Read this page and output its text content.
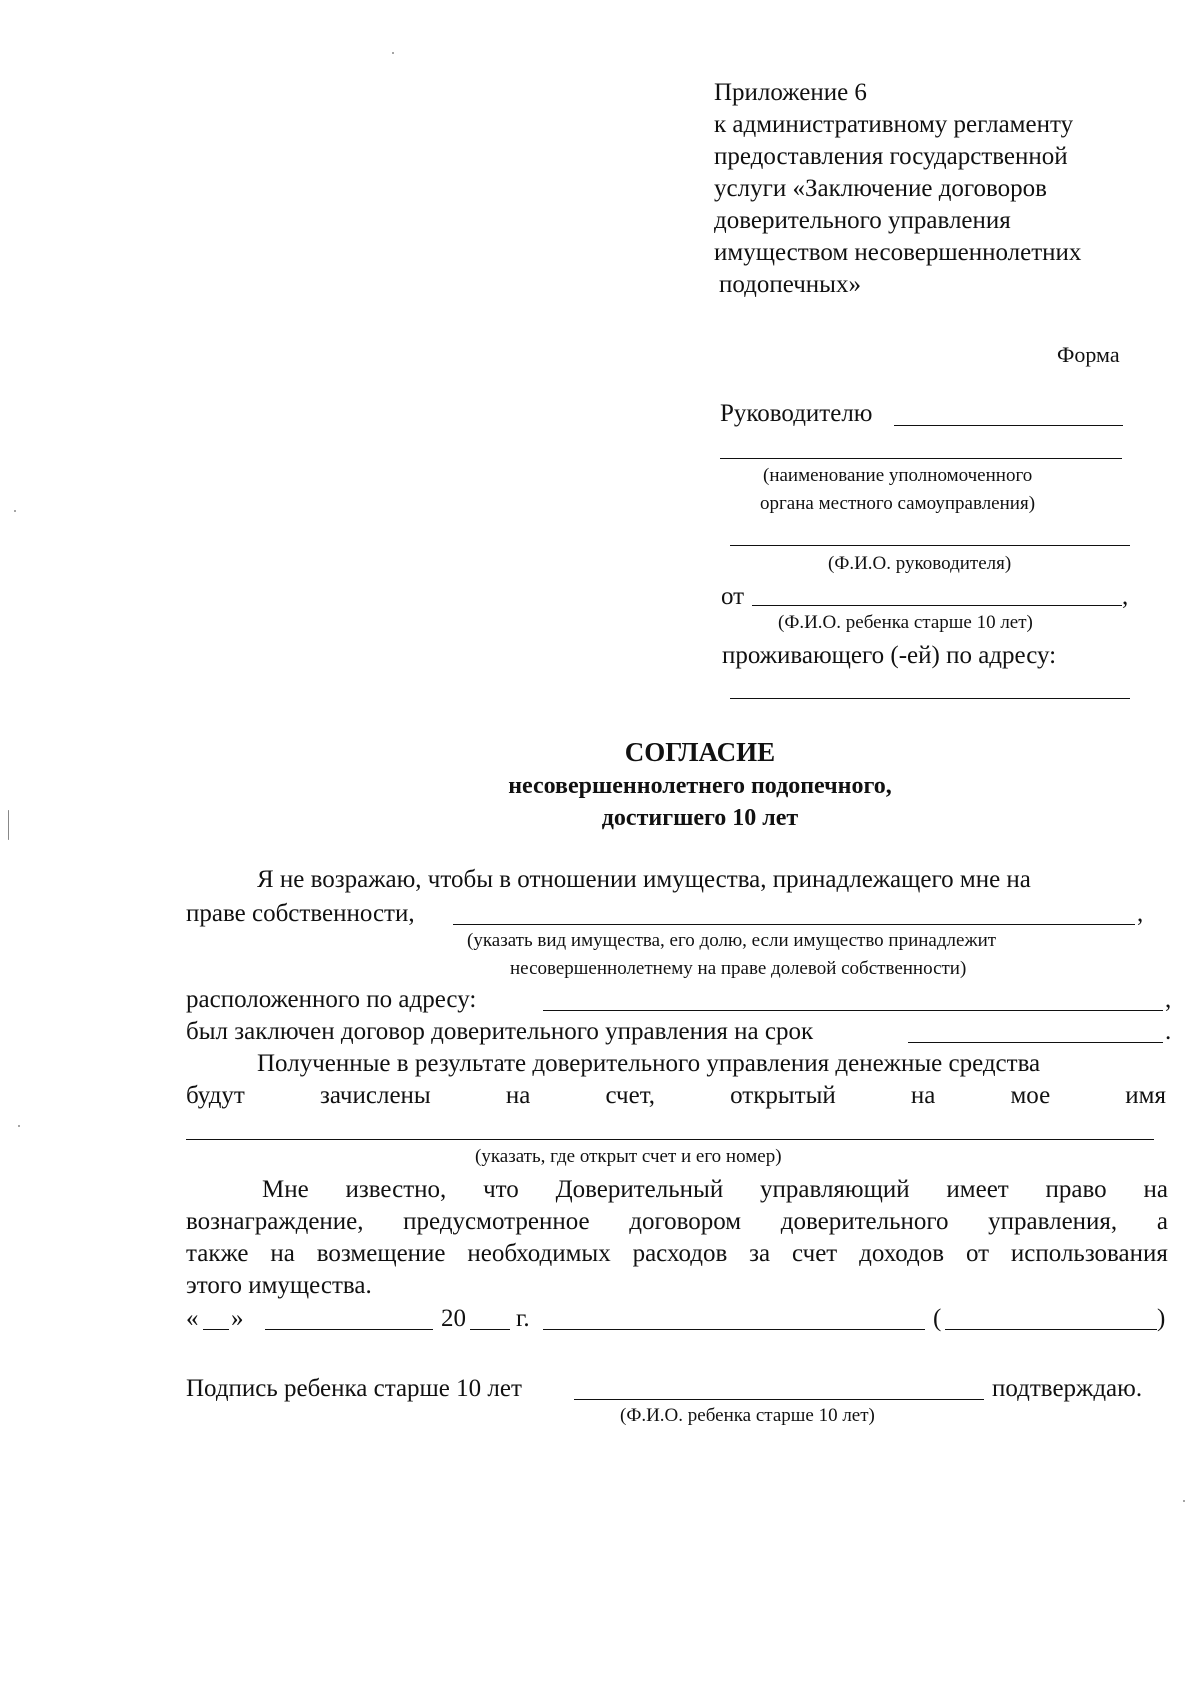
Приложение 6
к административному регламенту
предоставления государственной
услуги «Заключение договоров
доверительного управления
имуществом несовершеннолетних
подопечных»
Форма
Руководителю
(наименование уполномоченного
органа местного самоуправления)
(Ф.И.О. руководителя)
от	,
(Ф.И.О. ребенка старше 10 лет)
проживающего (-ей) по адресу:
СОГЛАСИЕ
несовершеннолетнего подопечного,
достигшего 10 лет
Я не возражаю, чтобы в отношении имущества, принадлежащего мне на
праве собственности,	,
(указать вид имущества, его долю, если имущество принадлежит
несовершеннолетнему на праве долевой собственности)
расположенного по адресу:	,
был заключен договор доверительного управления на срок	.
Полученные в результате доверительного управления денежные средства
будут	зачислены	на	счет,	открытый	на	мое	имя
(указать, где открыт счет и его номер)
Мне известно, что Доверительный управляющий имеет право на
вознаграждение, предусмотренное договором доверительного управления, а
также на возмещение необходимых расходов за счет доходов от использования
этого имущества.
« »	20 г.	(	)
Подпись ребенка старше 10 лет	подтверждаю.
(Ф.И.О. ребенка старше 10 лет)
